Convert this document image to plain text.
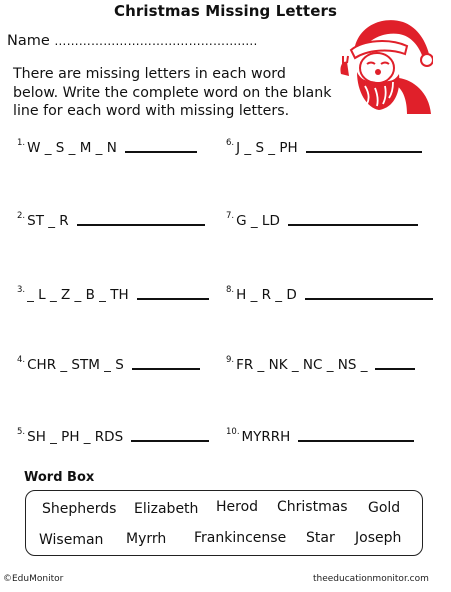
Christmas Missing Letters
Name ……………………………………….....
There are missing letters in each word below. Write the complete word on the blank line for each word with missing letters.
1. W _ S _ M _ N
2. ST _ R
3. _ L _ Z _ B _ TH
4. CHR _ STM _ S
5. SH _ PH _ RDS
6. J _ S _ PH
7. G _ LD
8. H _ R _ D
9. FR _ NK _ NC _ NS _
10. MYRRH
Word Box
Shepherds Elizabeth Herod Christmas Gold
Wiseman Myrrh Frankincense Star Joseph
©EduMonitor	theeducationmonitor.com
